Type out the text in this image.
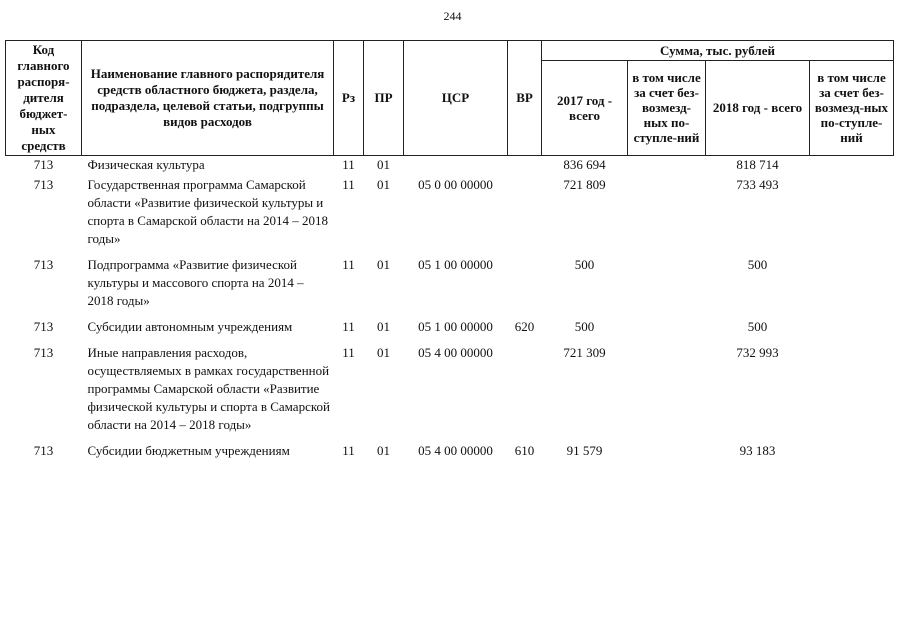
244
Код главного распоря-дителя бюджет-ных средств	Наименование главного распорядителя средств областного бюджета, раздела, подраздела, целевой статьи, подгруппы видов расходов	Рз	ПР	ЦСР	ВР	Сумма, тыс. рублей			
						2017 год - всего	в том числе за счет без-возмезд-ных по-ступле-ний	2018 год - всего	в том числе за счет без-возмезд-ных по-ступле-ний
713	Физическая культура	11	01			836 694		818 714	
713	Государственная программа Самарской области «Развитие физической культуры и спорта в Самарской области на 2014 – 2018 годы»	11	01	05 0 00 00000		721 809		733 493	
713	Подпрограмма «Развитие физической культуры и массового спорта на 2014 – 2018 годы»	11	01	05 1 00 00000		500		500	
713	Субсидии автономным учреждениям	11	01	05 1 00 00000	620	500		500	
713	Иные направления расходов, осуществляемых в рамках государственной программы Самарской области «Развитие физической культуры и спорта в Самарской области на 2014 – 2018 годы»	11	01	05 4 00 00000		721 309		732 993	
713	Субсидии бюджетным учреждениям	11	01	05 4 00 00000	610	91 579		93 183	
